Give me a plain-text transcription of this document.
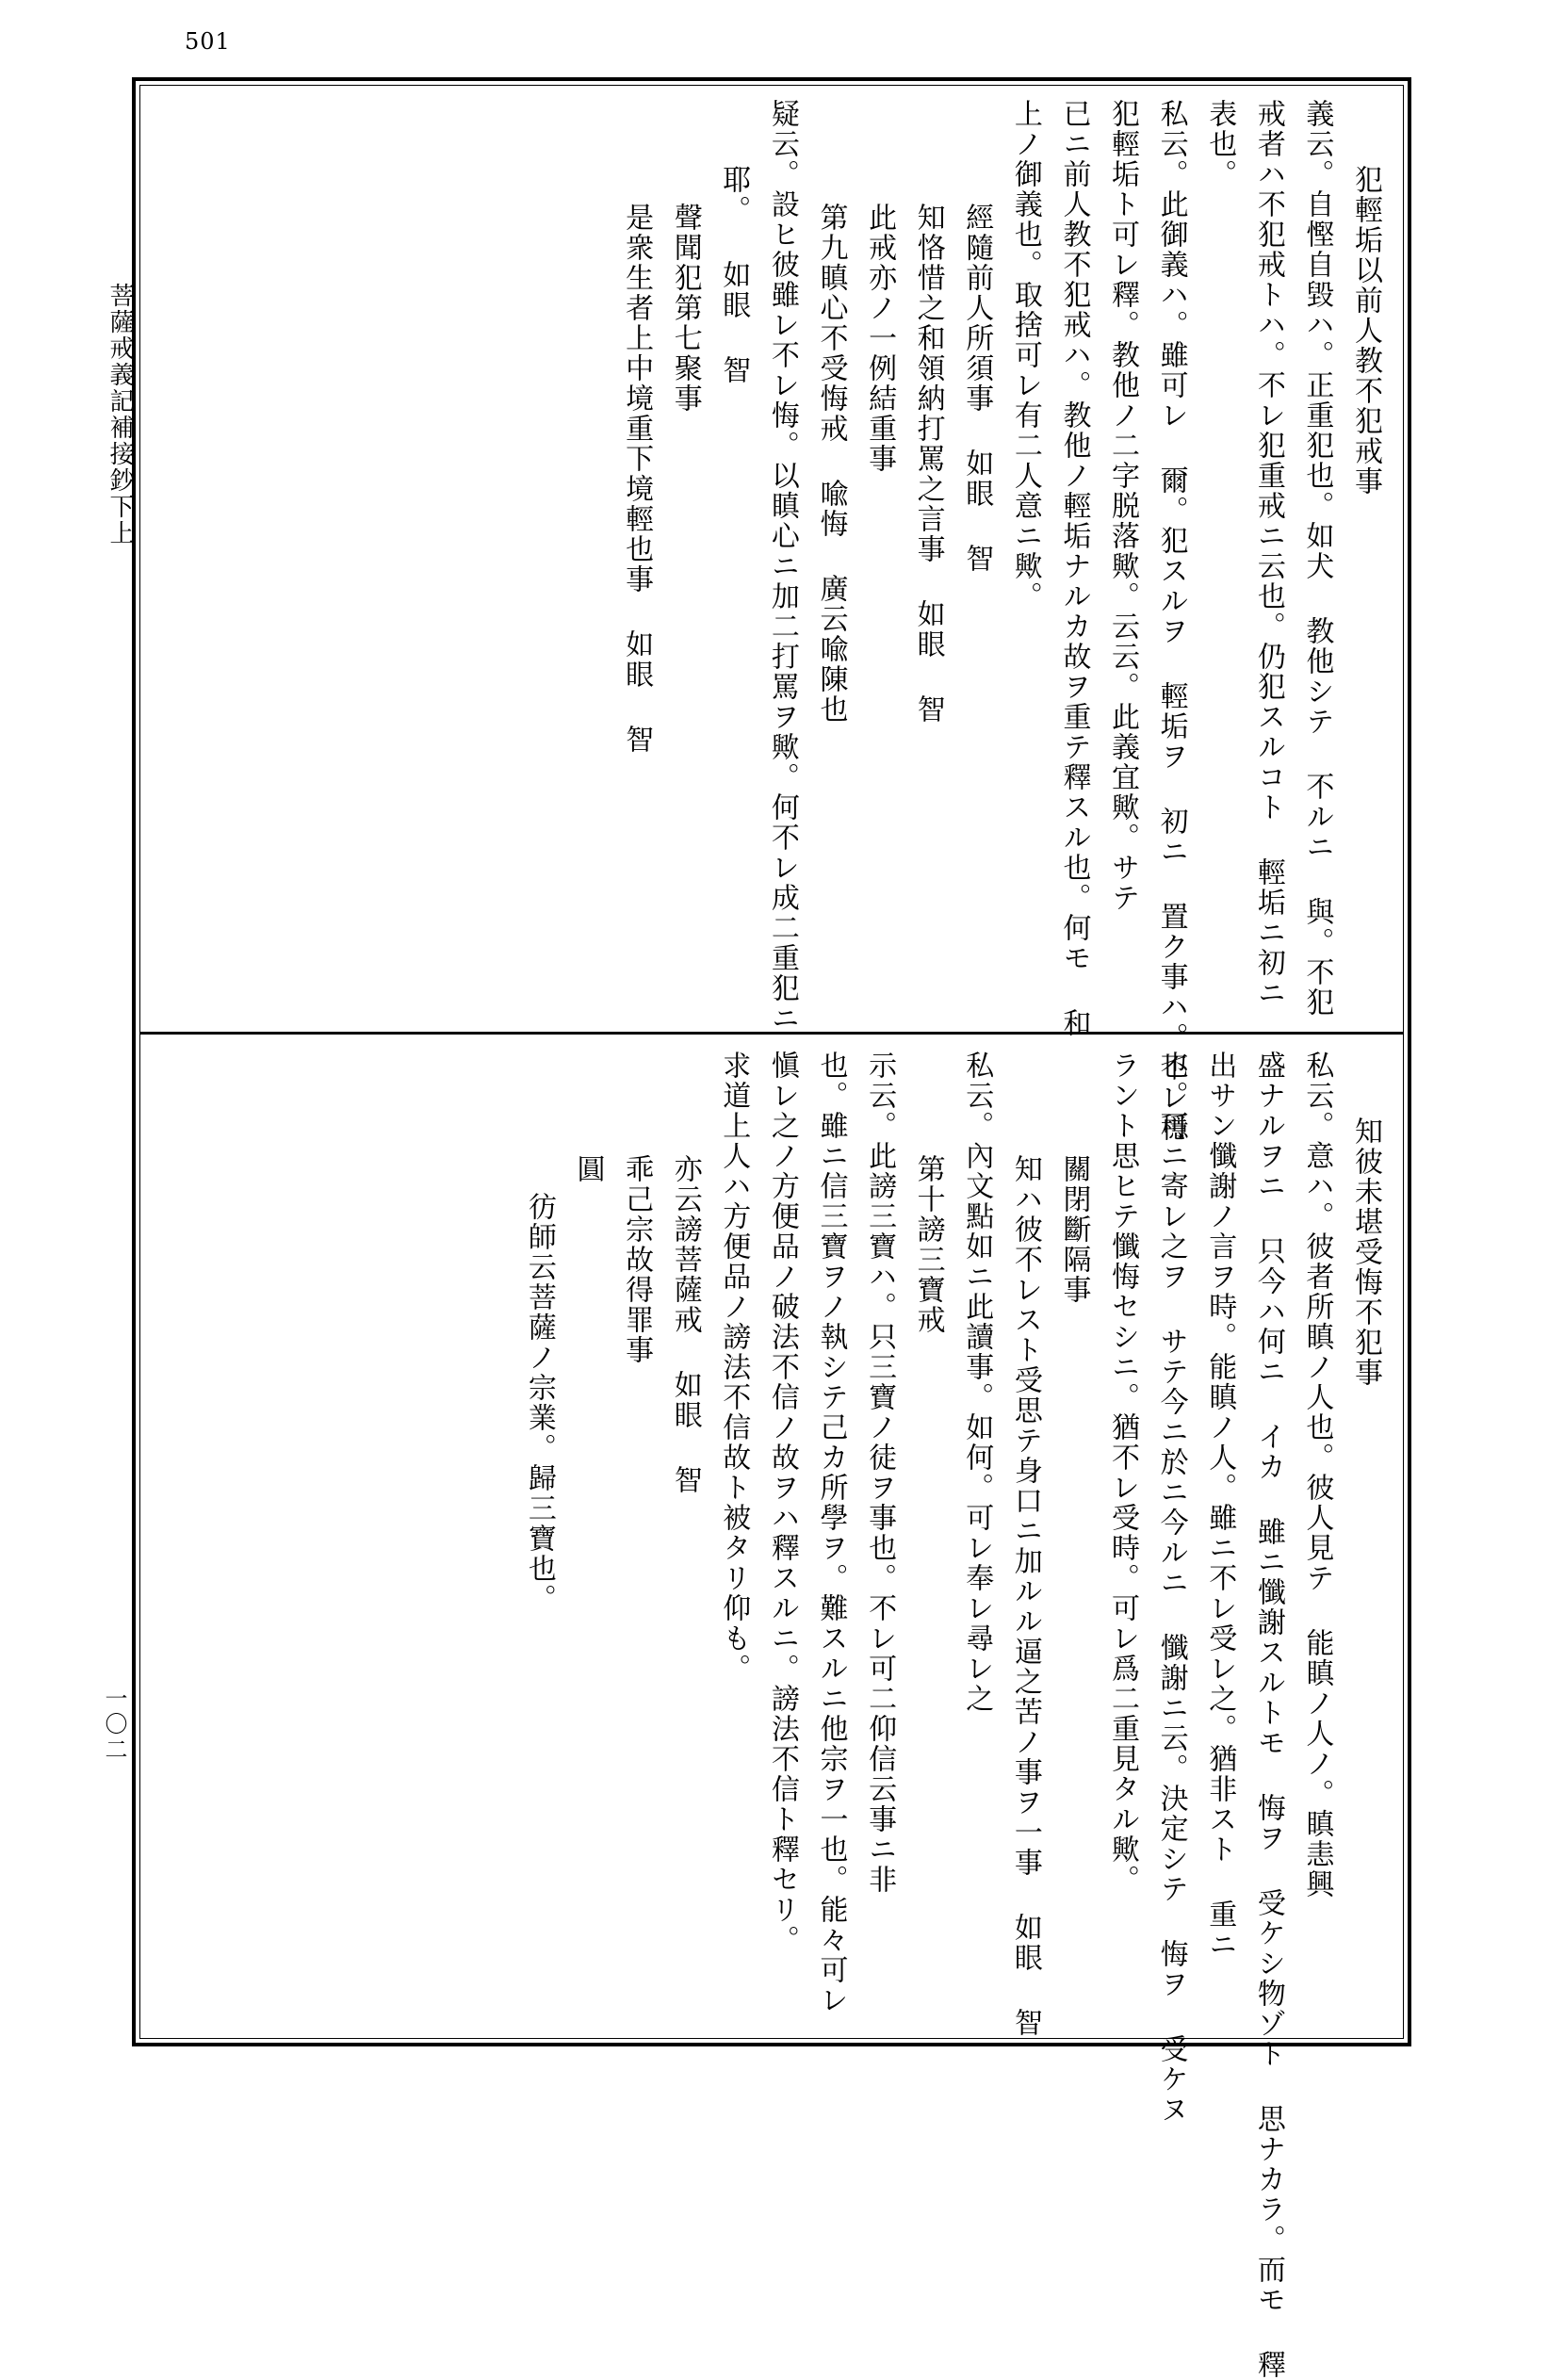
501
菩薩戒義記補接鈔下上
一〇二
犯輕垢以前人教不犯戒事
義云。自慳自毀ハ。正重犯也。如犬 教他シテ 不ルニ 與。不犯
戒者ハ不犯戒トハ。不レ犯重戒ニ云也。仍犯スルコト 輕垢ニ初ニ
表也。
私云。此御義ハ。雖可レ 爾。犯スルヲ 輕垢ヲ 初ニ 置ク事ハ。不レ穩
犯輕垢ト可レ釋。教他ノ二字脱落歟。云云。此義宜歟。サテ
已ニ前人教不犯戒ハ。教他ノ輕垢ナルカ故ヲ重テ釋スル也。何モ 和
上ノ御義也。取捨可レ有二人意ニ歟。
經隨前人所須事 如眼 智
知恪惜之和領納打罵之言事 如眼 智
此戒亦ノ一例結重事
第九瞋心不受悔戒 喩悔 廣云喩陳也
疑云。設ヒ彼雖レ不レ悔。以瞋心ニ加二打罵ヲ歟。何不レ成二重犯ニ
耶。 如眼 智
聲聞犯第七聚事
是衆生者上中境重下境輕也事 如眼 智
知彼未堪受悔不犯事
私云。意ハ。彼者所瞋ノ人也。彼人見テ 能瞋ノ人ノ。瞋恚興
盛ナルヲニ 只今ハ何ニ イカ 雖ニ懺謝スルトモ 悔ヲ 受ケシ物ゾト 思ナカラ。而モ 釋
出サン懺謝ノ言ヲ時。能瞋ノ人。雖ニ不レ受レ之。猶非スト 重ニ
也。可ニ寄レ之ヲ サテ今ニ於ニ今ルニ 懺謝ニ云。決定シテ 悔ヲ 受ケヌ
ラント思ヒテ懺悔セシニ。猶不レ受時。可レ爲二重見タル歟。
關閉斷隔事
知ハ彼不レスト受思テ身口ニ加ルル逼之苦ノ事ヲ一事 如眼 智
私云。內文點如ニ此讀事。如何。可レ奉レ尋レ之
第十謗三寶戒
示云。此謗三寶ハ。只三寶ノ徒ヲ事也。不レ可二仰信云事ニ非
也。雖ニ信三寶ヲノ執シテ己カ所學ヲ。難スルニ他宗ヲ一也。能々可レ
愼レ之ノ方便品ノ破法不信ノ故ヲハ釋スルニ。謗法不信ト釋セリ。
求道上人ハ方便品ノ謗法不信故ト被タリ仰も。
亦云謗菩薩戒 如眼 智
乖己宗故得罪事
圓
彷師云菩薩ノ宗業。歸三寶也。
